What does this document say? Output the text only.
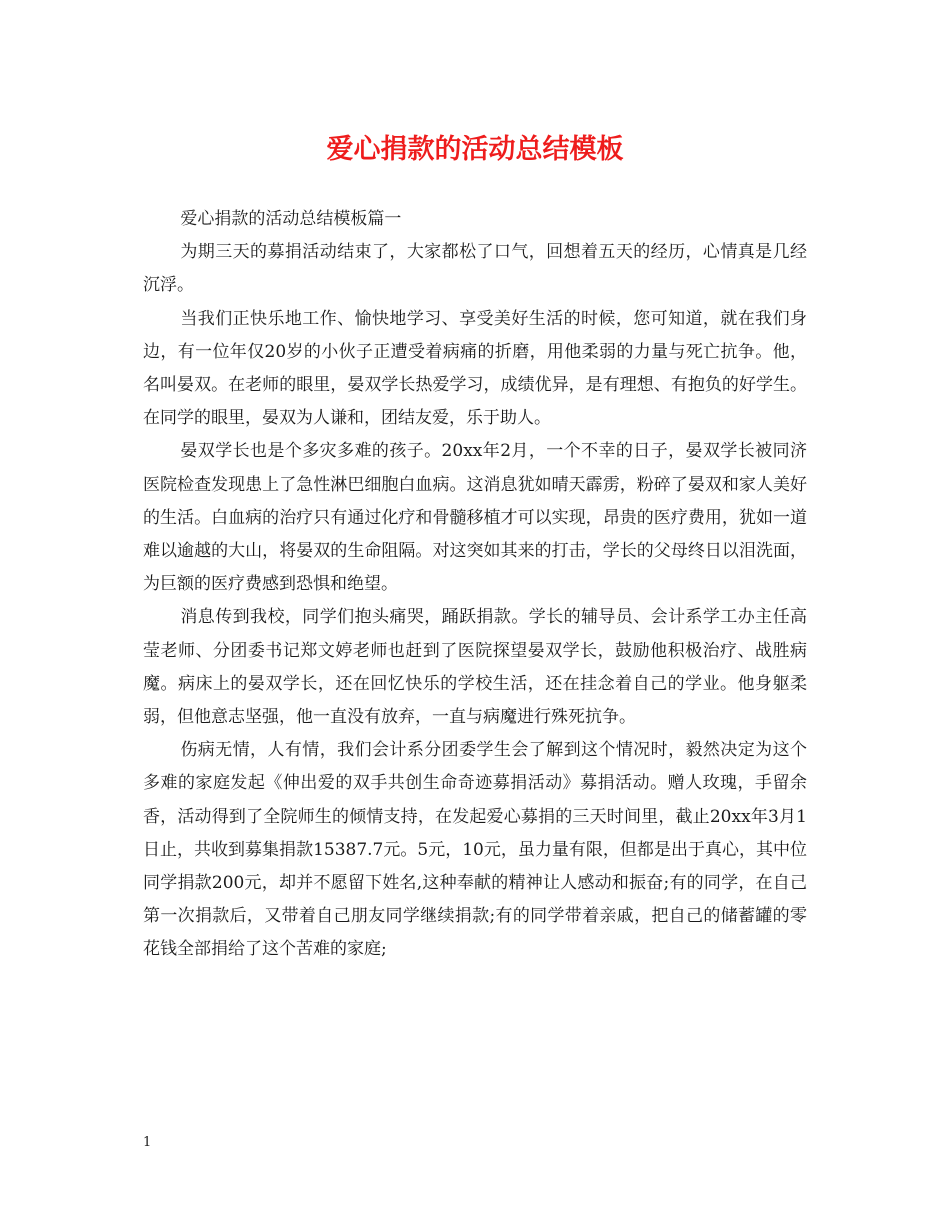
爱心捐款的活动总结模板

爱心捐款的活动总结模板篇一

为期三天的募捐活动结束了，大家都松了口气，回想着五天的经历，心情真是几经沉浮。

当我们正快乐地工作、愉快地学习、享受美好生活的时候，您可知道，就在我们身边，有一位年仅20岁的小伙子正遭受着病痛的折磨，用他柔弱的力量与死亡抗争。他，名叫晏双。在老师的眼里，晏双学长热爱学习，成绩优异，是有理想、有抱负的好学生。在同学的眼里，晏双为人谦和，团结友爱，乐于助人。

晏双学长也是个多灾多难的孩子。20xx年2月，一个不幸的日子，晏双学长被同济医院检查发现患上了急性淋巴细胞白血病。这消息犹如晴天霹雳，粉碎了晏双和家人美好的生活。白血病的治疗只有通过化疗和骨髓移植才可以实现，昂贵的医疗费用，犹如一道难以逾越的大山，将晏双的生命阻隔。对这突如其来的打击，学长的父母终日以泪洗面，为巨额的医疗费感到恐惧和绝望。

消息传到我校，同学们抱头痛哭，踊跃捐款。学长的辅导员、会计系学工办主任高莹老师、分团委书记郑文婷老师也赶到了医院探望晏双学长，鼓励他积极治疗、战胜病魔。病床上的晏双学长，还在回忆快乐的学校生活，还在挂念着自己的学业。他身躯柔弱，但他意志坚强，他一直没有放弃，一直与病魔进行殊死抗争。

伤病无情，人有情，我们会计系分团委学生会了解到这个情况时，毅然决定为这个多难的家庭发起《伸出爱的双手共创生命奇迹募捐活动》募捐活动。赠人玫瑰，手留余香，活动得到了全院师生的倾情支持，在发起爱心募捐的三天时间里，截止20xx年3月1日止，共收到募集捐款15387.7元。5元，10元，虽力量有限，但都是出于真心，其中位同学捐款200元，却并不愿留下姓名,这种奉献的精神让人感动和振奋;有的同学，在自己第一次捐款后，又带着自己朋友同学继续捐款;有的同学带着亲戚，把自己的储蓄罐的零花钱全部捐给了这个苦难的家庭;

1
